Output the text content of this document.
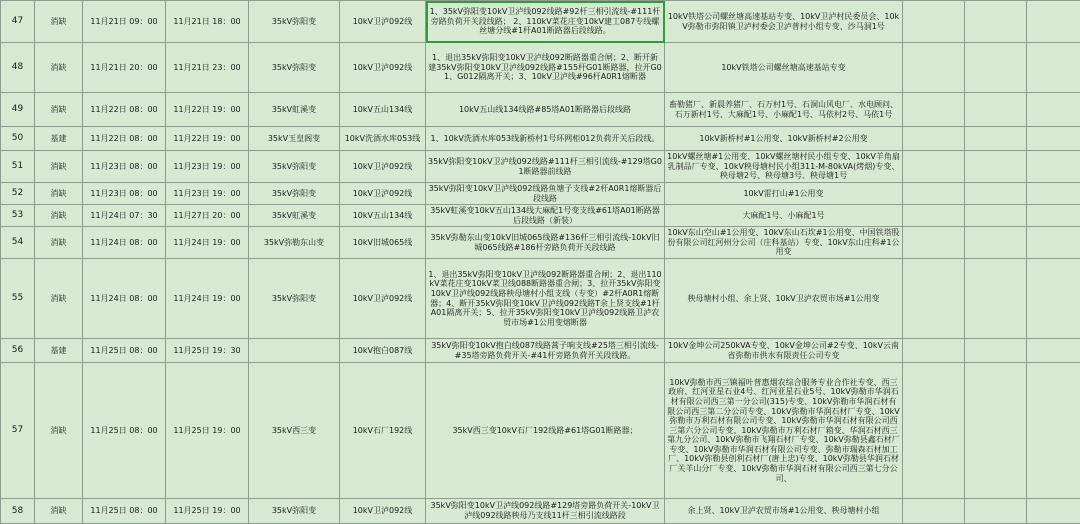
47	消缺	11月21日 09：00	11月21日 18：00	35kV弥阳变	10kV卫泸092线	1、35kV弥阳变10kV卫泸线092线路#92杆三相引流线-#111杆旁路负荷开关段线路； 2、110kV菜花庄变10kV建工087专线螺丝塘分线#1杆A01断路器后段线路。	10kV铁塔公司螺丝塘高速基站专变、10kV卫泸村民委员会、10kV弥勒市弥阳镇卫泸村委会卫泸普村小组专变、沙马洞1号			
48	消缺	11月21日 20：00	11月21日 23：00	35kV弥阳变	10kV卫泸092线	1、退出35kV弥阳变10kV卫泸线092断路器重合闸；2、断开新建35kV弥阳变10kV卫泸线092线路#155杆G01断路器，拉开G01、G012隔离开关；3、10kV卫泸线#96杆A0R1熔断器	10kV铁塔公司螺丝塘高速基站专变			
49	消缺	11月22日 08：00	11月22日 19：00	35kV虹溪变	10kV五山134线	10kV五山线134线路#85塔A01断路器后段线路	畜勒猪厂、新晨养猪厂、石万村1号、石洞山风电厂、水电顾问、石万新村1号、大麻配1号、小麻配1号、马依村2号、马依1号			
50	基建	11月22日 08：00	11月22日 19：00	35kV玉皇阁变	10kV洗酒水库053线	1、10kV洗酒水库053线新桥村1号环网柜012负荷开关后段线。	10kV新桥村#1公用变、10kV新桥村#2公用变			
51	消缺	11月23日 08：00	11月23日 19：00	35kV弥阳变	10kV卫泸092线	35kV弥阳变10kV卫泸线092线路#111杆三相引流线-#129塔G01断路器前线路	10kV螺丝塘#1公用变、10kV螺丝塘村民小组专变、10kV羊角扇乳制品厂专变、10kV秧母塘村民小组311-M-80kVA(烤烟)专变、秧母塘2号、秧母塘3号、秧母塘1号			
52	消缺	11月23日 08：00	11月23日 19：00	35kV弥阳变	10kV卫泸092线	35kV弥阳变10kV卫泸线092线路鱼塘子支线#2杆A0R1熔断器后段线路	10kV雷打山#1公用变			
53	消缺	11月24日 07：30	11月27日 20：00	35kV虹溪变	10kV五山134线	35kV虹溪变10kV五山134线大麻配1号变支线#61塔A01断路器后段线路（新装）	大麻配1号、小麻配1号			
54	消缺	11月24日 08：00	11月24日 19：00	35kV弥勒东山变	10kV旧城065线	35kV弥勒东山变10kV旧城065线路#136杆三相引流线-10kV旧城065线路#186杆旁路负荷开关段线路	10kV东山空山#1公用变、10kV东山石坎#1公用变、中国铁塔股份有限公司红河州分公司（庄科基站）专变、10kV东山庄科#1公用变			
55	消缺	11月24日 08：00	11月24日 19：00	35kV弥阳变	10kV卫泸092线	1、退出35kV弥阳变10kV卫泸线092断路器重合闸；2、退出110kV菜花庄变10kV菜卫线088断路器重合闸；3、拉开35kV弥阳变10kV卫泸线092线路秧母塘村小组支线（专变）#2杆A0R1熔断器；4、断开35kV弥阳变10kV卫泸线092线路T余上贤支线#1杆A01隔离开关；5、拉开35kV弥阳变10kV卫泸线092线路卫泸农贸市场#1公用变熔断器	秧母塘村小组、余上贤、10kV卫泸农贸市场#1公用变			
56	基建	11月25日 08：00	11月25日 19：30		10kV抱白087线	35kV弥阳变10kV抱白线087线路蒿子响支线#25塔三相引流线-#35塔旁路负荷开关-#41杆旁路负荷开关段线路。	10kV金坤公司250kVA专变、10kV金坤公司#2专变、10kV云南省弥勒市供水有限责任公司专变			
57	消缺	11月25日 08：00	11月25日 19：00	35kV西三变	10kV石厂192线	35kV西三变10kV石厂192线路#61塔G01断路器；	10kV弥勒市西三镇福叶普惠烟农综合服务专业合作社专变、西三政府、红河亚星石业4号、红河亚星石业5号、10kV弥勒市华润石材有限公司西三第一分公司(315)专变、10kV弥勒市华润石材有限公司西三第二分公司专变、10kV弥勒市华润石材厂专变、10kV弥勒市万利石材有限公司专变、10kV弥勒市华润石材有限公司西三第六分公司专变、10kV弥勒市万利石材厂箱变、华润石材西三第九分公司、10kV弥勒市飞翔石材厂专变、10kV弥勒县鑫石材厂专变、10kV弥勒市华润石材有限公司专变、弥勒市瑞森石材加工厂、10kV弥勒县创利石材厂(唐上忠)专变、10kV弥勒县华润石材厂关羊山分厂专变、10kV弥勒市华润石材有限公司西三第七分公司、			
58	消缺	11月25日 08：00	11月25日 19：00	35kV弥阳变	10kV卫泸092线	35kV弥阳变10kV卫泸线092线路#129塔旁路负荷开关-10kV卫泸线092线路秧母乃支线11杆三相引流线路段	余上贤、10kV卫泸农贸市场#1公用变、秧母塘村小组			
